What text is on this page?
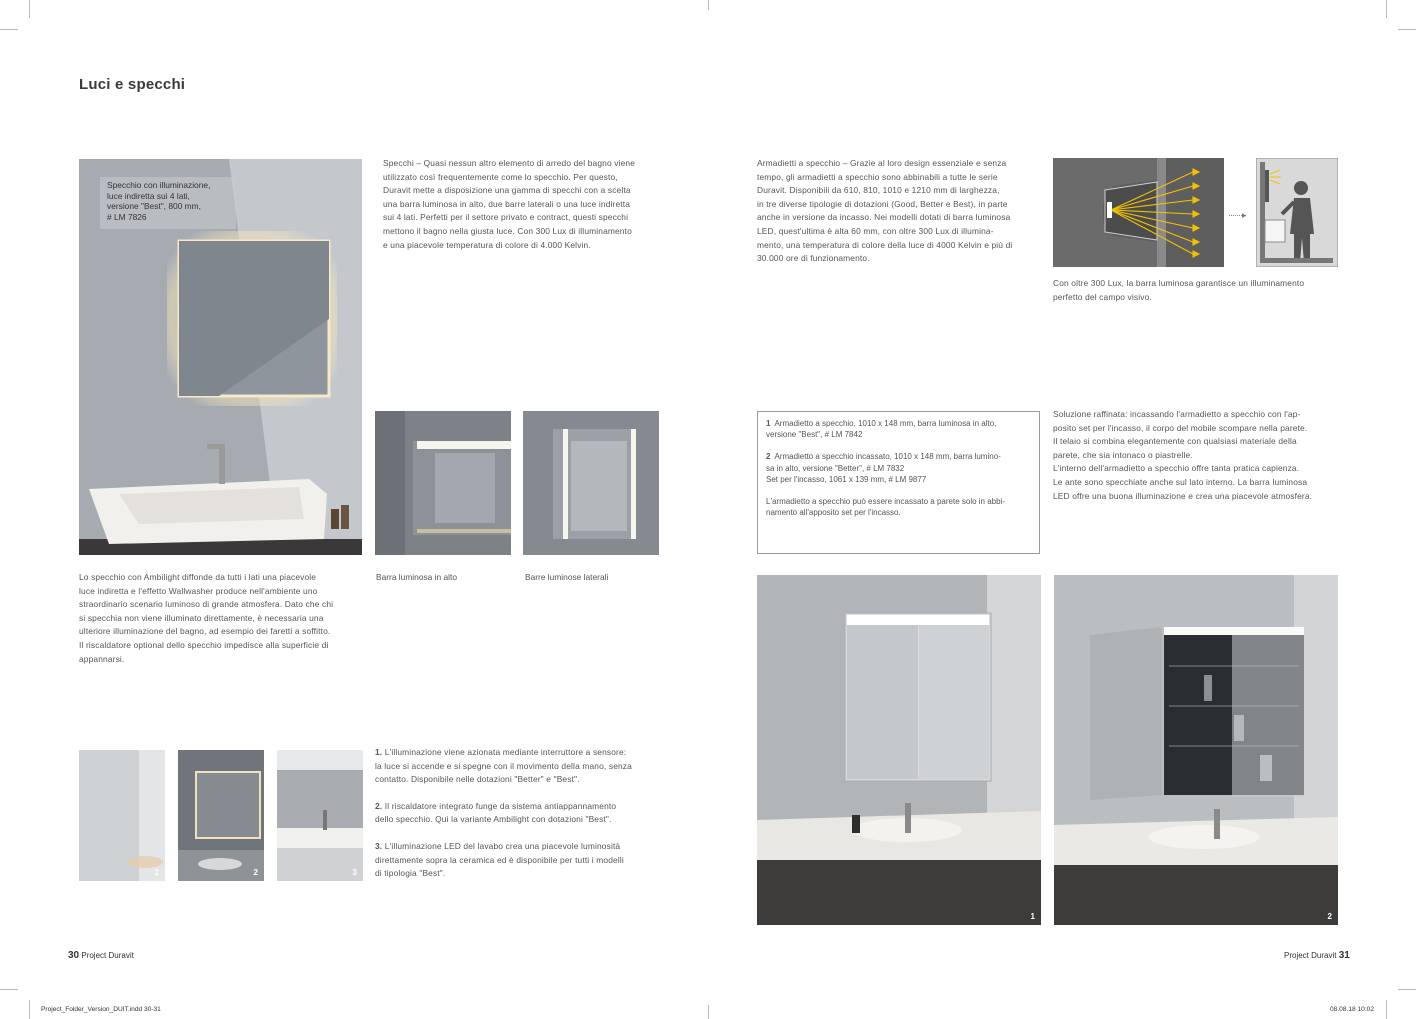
Luci e specchi
Specchio con illuminazione,
luce indiretta sui 4 lati,
versione "Best", 800 mm,
# LM 7826
Specchi – Quasi nessun altro elemento di arredo del bagno viene
utilizzato così frequentemente come lo specchio. Per questo,
Duravit mette a disposizione una gamma di specchi con a scelta
una barra luminosa in alto, due barre laterali o una luce indiretta
sui 4 lati. Perfetti per il settore privato e contract, questi specchi
mettono il bagno nella giusta luce. Con 300 Lux di illuminamento
e una piacevole temperatura di colore di 4.000 Kelvin.
Barra luminosa in alto	Barre luminose laterali
Lo specchio con Ambilight diffonde da tutti i lati una piacevole
luce indiretta e l'effetto Wallwasher produce nell'ambiente uno
straordinario scenario luminoso di grande atmosfera. Dato che chi
si specchia non viene illuminato direttamente, è necessaria una
ulteriore illuminazione del bagno, ad esempio dei faretti a soffitto.
Il riscaldatore optional dello specchio impedisce alla superficie di
appannarsi.
1	2	3

1. L'illuminazione viene azionata mediante interruttore a sensore:
la luce si accende e si spegne con il movimento della mano, senza
contatto. Disponibile nelle dotazioni "Better" e "Best".

2. Il riscaldatore integrato funge da sistema antiappannamento
dello specchio. Qui la variante Ambilight con dotazioni "Best".

3. L'illuminazione LED del lavabo crea una piacevole luminosità
direttamente sopra la ceramica ed è disponibile per tutti i modelli
di tipologia "Best".

30 Project Duravit
Armadietti a specchio – Grazie al loro design essenziale e senza
tempo, gli armadietti a specchio sono abbinabili a tutte le serie
Duravit. Disponibili da 610, 810, 1010 e 1210 mm di larghezza,
in tre diverse tipologie di dotazioni (Good, Better e Best), in parte
anche in versione da incasso. Nei modelli dotati di barra luminosa
LED, quest'ultima è alta 60 mm, con oltre 300 Lux di illumina-
mento, una temperatura di colore della luce di 4000 Kelvin e più di
30.000 ore di funzionamento.
·······▸
Con oltre 300 Lux, la barra luminosa garantisce un illuminamento
perfetto del campo visivo.
1 Armadietto a specchio, 1010 x 148 mm, barra luminosa in alto,
versione "Best", # LM 7842
2 Armadietto a specchio incassato, 1010 x 148 mm, barra lumino-
sa in alto, versione "Better", # LM 7832
Set per l'incasso, 1061 x 139 mm, # LM 9877
L'armadietto a specchio può essere incassato a parete solo in abbi-
namento all'apposito set per l'incasso.
Soluzione raffinata: incassando l'armadietto a specchio con l'ap-
posito set per l'incasso, il corpo del mobile scompare nella parete.
Il telaio si combina elegantemente con qualsiasi materiale della
parete, che sia intonaco o piastrelle.
L'interno dell'armadietto a specchio offre tanta pratica capienza.
Le ante sono specchiate anche sul lato interno. La barra luminosa
LED offre una buona illuminazione e crea una piacevole atmosfera.
1	2
Project Duravit 31
Project_Folder_Version_DUIT.indd 30-31	08.08.18 10:02
